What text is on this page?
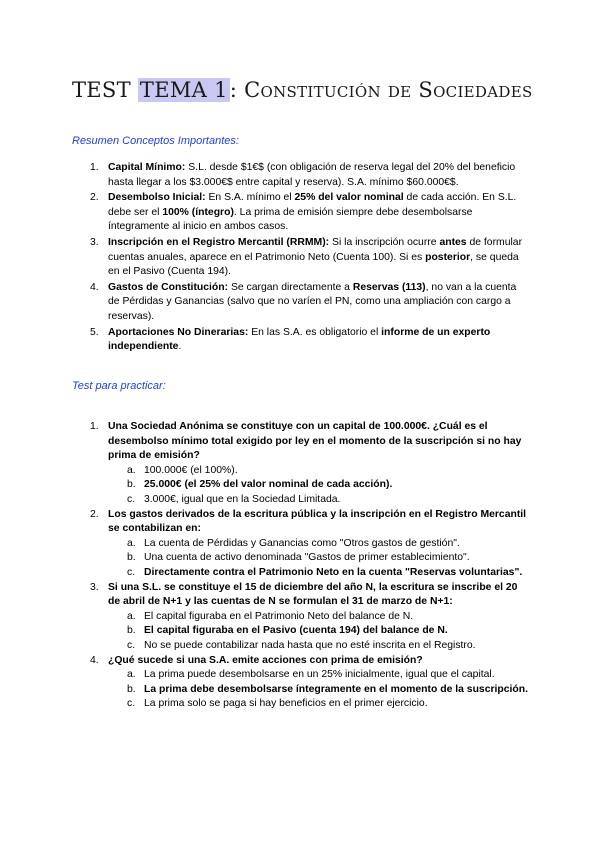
TEST TEMA 1: Constitución de Sociedades
Resumen Conceptos Importantes:
1. Capital Mínimo: S.L. desde $1€$ (con obligación de reserva legal del 20% del beneficio hasta llegar a los $3.000€$ entre capital y reserva). S.A. mínimo $60.000€$.
2. Desembolso Inicial: En S.A. mínimo el 25% del valor nominal de cada acción. En S.L. debe ser el 100% (íntegro). La prima de emisión siempre debe desembolsarse íntegramente al inicio en ambos casos.
3. Inscripción en el Registro Mercantil (RRMM): Si la inscripción ocurre antes de formular cuentas anuales, aparece en el Patrimonio Neto (Cuenta 100). Si es posterior, se queda en el Pasivo (Cuenta 194).
4. Gastos de Constitución: Se cargan directamente a Reservas (113), no van a la cuenta de Pérdidas y Ganancias (salvo que no varíen el PN, como una ampliación con cargo a reservas).
5. Aportaciones No Dinerarias: En las S.A. es obligatorio el informe de un experto independiente.
Test para practicar:
1. Una Sociedad Anónima se constituye con un capital de 100.000€. ¿Cuál es el desembolso mínimo total exigido por ley en el momento de la suscripción si no hay prima de emisión?
a. 100.000€ (el 100%).
b. 25.000€ (el 25% del valor nominal de cada acción).
c. 3.000€, igual que en la Sociedad Limitada.
2. Los gastos derivados de la escritura pública y la inscripción en el Registro Mercantil se contabilizan en:
a. La cuenta de Pérdidas y Ganancias como "Otros gastos de gestión".
b. Una cuenta de activo denominada "Gastos de primer establecimiento".
c. Directamente contra el Patrimonio Neto en la cuenta "Reservas voluntarias".
3. Si una S.L. se constituye el 15 de diciembre del año N, la escritura se inscribe el 20 de abril de N+1 y las cuentas de N se formulan el 31 de marzo de N+1:
a. El capital figuraba en el Patrimonio Neto del balance de N.
b. El capital figuraba en el Pasivo (cuenta 194) del balance de N.
c. No se puede contabilizar nada hasta que no esté inscrita en el Registro.
4. ¿Qué sucede si una S.A. emite acciones con prima de emisión?
a. La prima puede desembolsarse en un 25% inicialmente, igual que el capital.
b. La prima debe desembolsarse íntegramente en el momento de la suscripción.
c. La prima solo se paga si hay beneficios en el primer ejercicio.
